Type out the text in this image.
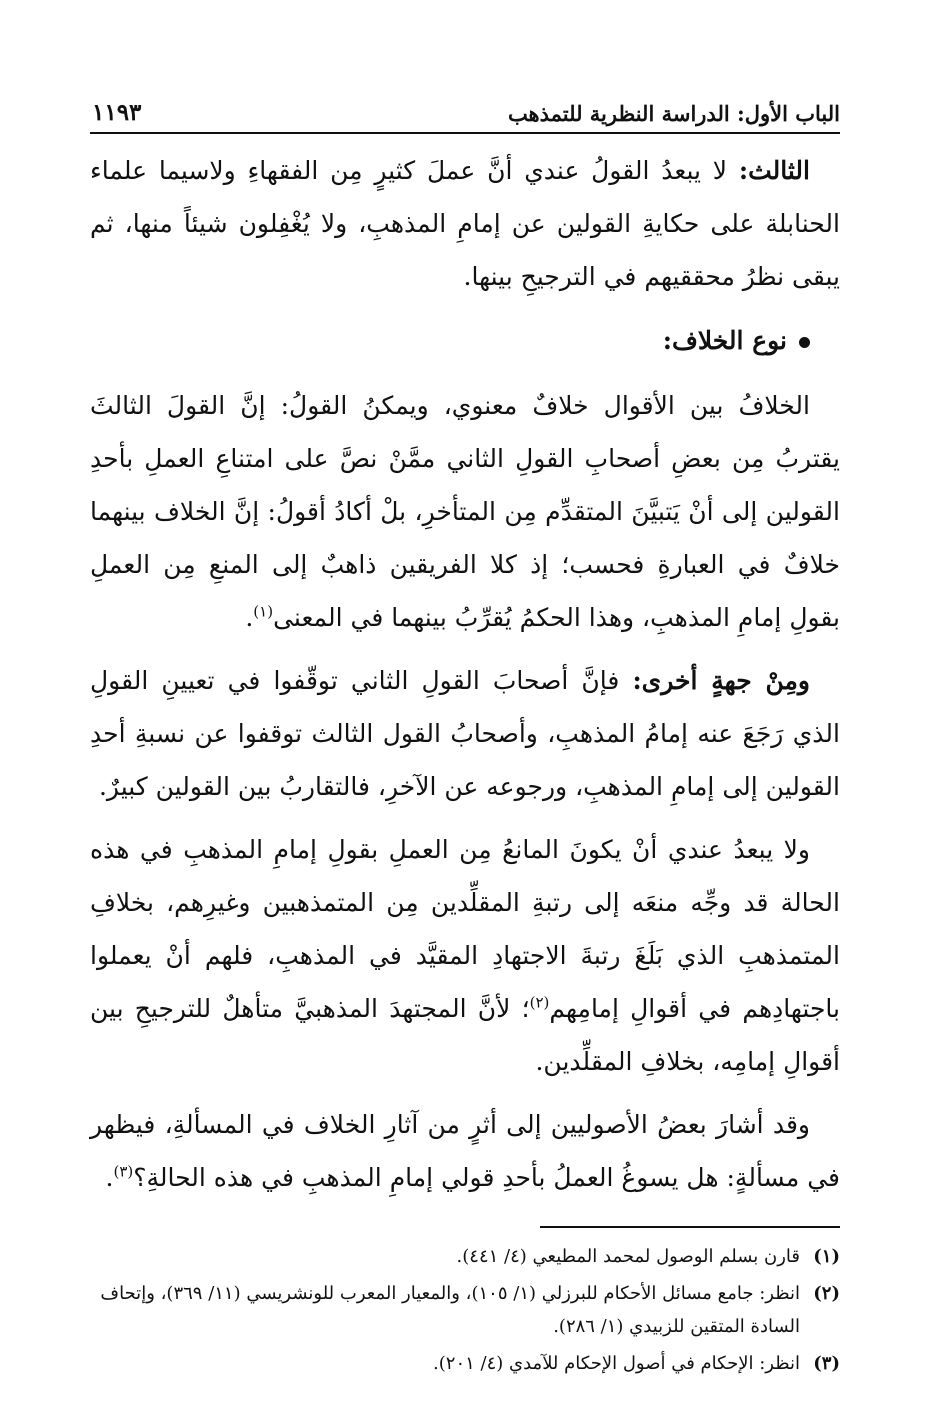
الباب الأول: الدراسة النظرية للتمذهب
١١٩٣

الثالث: لا يبعدُ القولُ عندي أنَّ عملَ كثيرٍ مِن الفقهاءِ ولاسيما علماء الحنابلة على حكايةِ القولين عن إمامِ المذهبِ، ولا يُغْفِلون شيئاً منها، ثم يبقى نظرُ محققيهم في الترجيحِ بينها.

نوع الخلاف:

الخلافُ بين الأقوال خلافٌ معنوي، ويمكنُ القولُ: إنَّ القولَ الثالثَ يقتربُ مِن بعضِ أصحابِ القولِ الثاني ممَّنْ نصَّ على امتناعِ العملِ بأحدِ القولين إلى أنْ يَتبيَّنَ المتقدِّم مِن المتأخرِ، بلْ أكادُ أقولُ: إنَّ الخلاف بينهما خلافٌ في العبارةِ فحسب؛ إذ كلا الفريقين ذاهبٌ إلى المنعِ مِن العملِ بقولِ إمامِ المذهبِ، وهذا الحكمُ يُقرِّبُ بينهما في المعنى$^{(١)}$.

ومِنْ جهةٍ أخرى: فإنَّ أصحابَ القولِ الثاني توقّفوا في تعيينِ القولِ الذي رَجَعَ عنه إمامُ المذهبِ، وأصحابُ القول الثالث توقفوا عن نسبةِ أحدِ القولين إلى إمامِ المذهبِ، ورجوعه عن الآخرِ، فالتقاربُ بين القولين كبيرٌ.

ولا يبعدُ عندي أنْ يكونَ المانعُ مِن العملِ بقولِ إمامِ المذهبِ في هذه الحالة قد وجِّه منعَه إلى رتبةِ المقلِّدين مِن المتمذهبين وغيرِهم، بخلافِ المتمذهبِ الذي بَلَغَ رتبةَ الاجتهادِ المقيَّد في المذهبِ، فلهم أنْ يعملوا باجتهادِهم في أقوالِ إمامِهم$^{(٢)}$؛ لأنَّ المجتهدَ المذهبيَّ متأهلٌ للترجيحِ بين أقوالِ إمامِه، بخلافِ المقلِّدين.

وقد أشارَ بعضُ الأصوليين إلى أثرٍ من آثارِ الخلاف في المسألةِ، فيظهر في مسألةٍ: هل يسوغُ العملُ بأحدِ قولي إمامِ المذهبِ في هذه الحالةِ؟$^{(٣)}$.

(١)
قارن بسلم الوصول لمحمد المطيعي (٤/ ٤٤١).
(٢)
انظر: جامع مسائل الأحكام للبرزلي (١/ ١٠٥)، والمعيار المعرب للونشريسي (١١/ ٣٦٩)، وإتحاف السادة المتقين للزبيدي (١/ ٢٨٦).
(٣)
انظر: الإحكام في أصول الإحكام للآمدي (٤/ ٢٠١).
